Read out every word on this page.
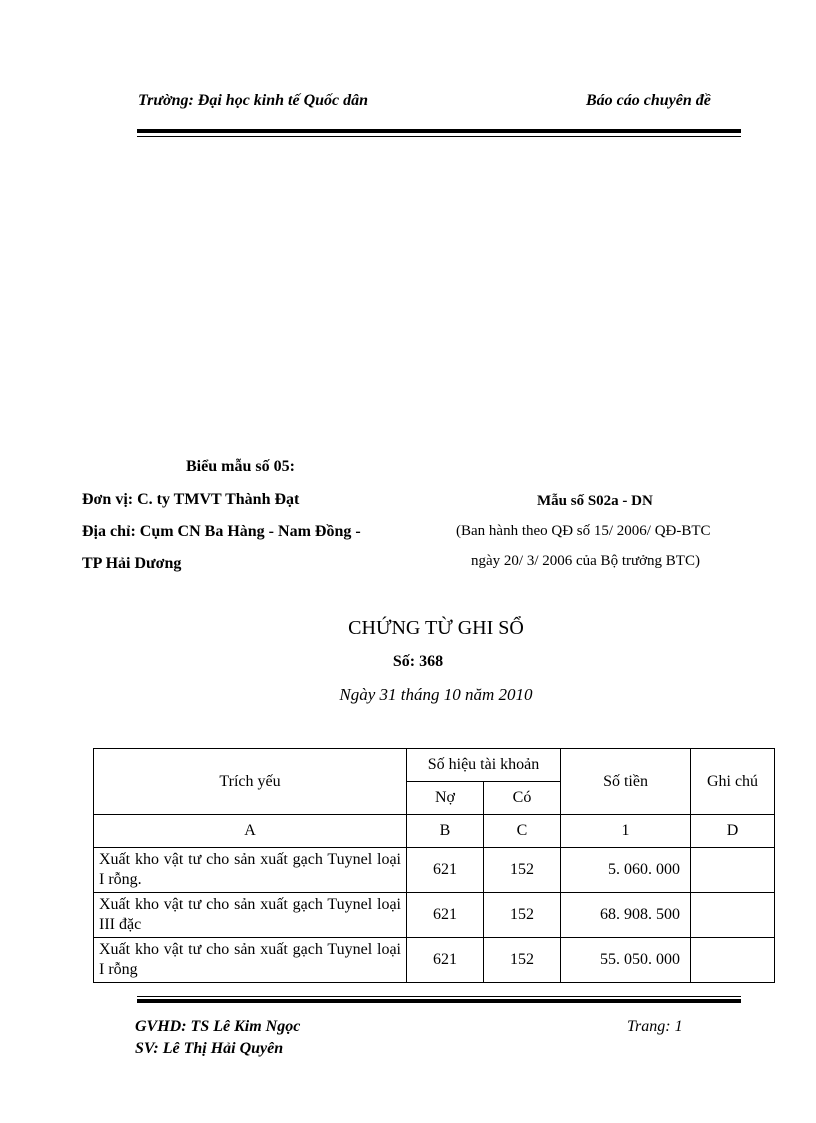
Trường: Đại học kinh tế Quốc dân	Báo cáo chuyên đề
Biểu mẫu số 05:
Đơn vị: C. ty TMVT Thành Đạt
Địa chỉ: Cụm CN Ba Hàng - Nam Đồng -
TP Hải Dương
Mẫu số S02a - DN
(Ban hành theo QĐ số 15/ 2006/ QĐ-BTC
ngày 20/ 3/ 2006 của Bộ trưởng BTC)
CHỨNG TỪ GHI SỔ
Số: 368
Ngày 31 tháng 10 năm 2010
Trích yếu	Số hiệu tài khoản		Số tiền	Ghi chú
	Nợ	Có		
A	B	C	1	D
Xuất kho vật tư cho sản xuất gạch Tuynel loại I rỗng.	621	152	5. 060. 000	
Xuất kho vật tư cho sản xuất gạch Tuynel loại III đặc	621	152	68. 908. 500	
Xuất kho vật tư cho sản xuất gạch Tuynel loại I rỗng	621	152	55. 050. 000	
GVHD: TS Lê Kim Ngọc
SV: Lê Thị Hải Quyên
Trang: 1
